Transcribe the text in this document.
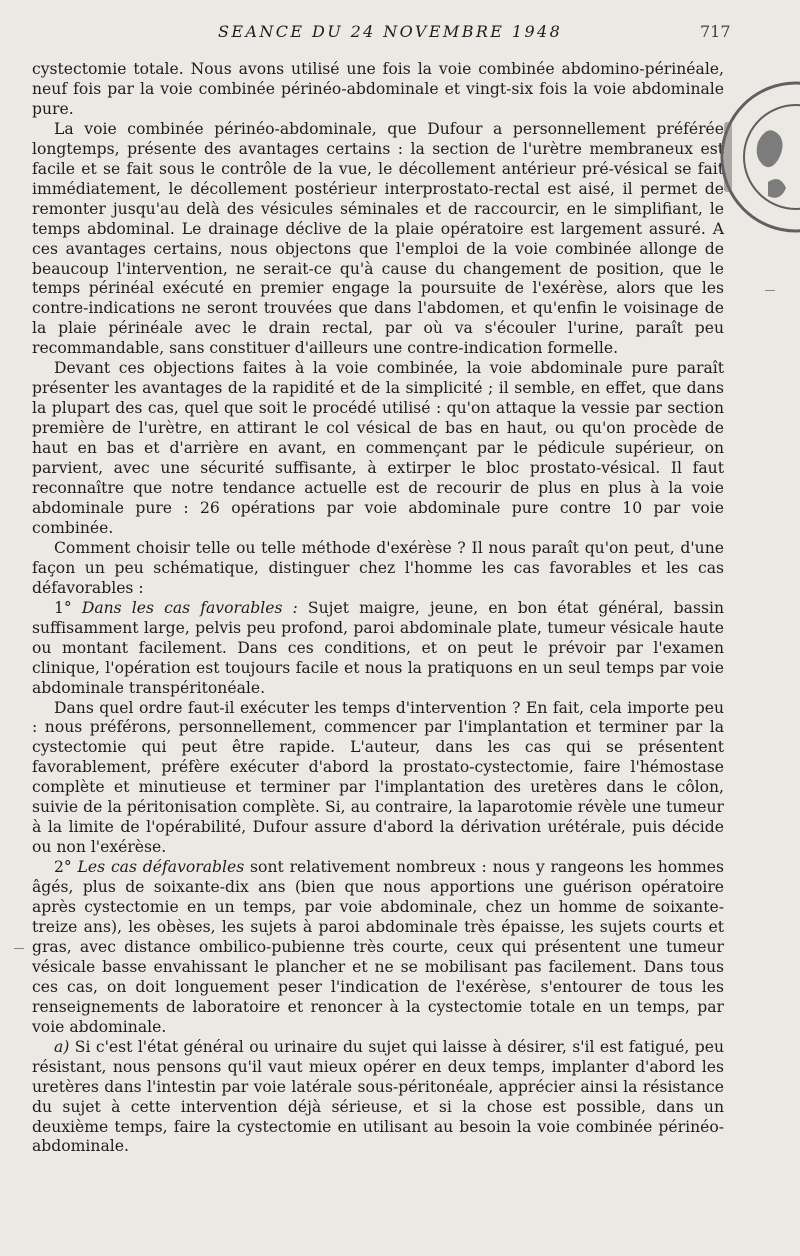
SEANCE DU 24 NOVEMBRE 1948	717

cystectomie totale. Nous avons utilisé une fois la voie combinée abdomino-périnéale, neuf fois par la voie combinée périnéo-abdominale et vingt-six fois la voie abdominale pure.

La voie combinée périnéo-abdominale, que Dufour a personnellement préférée longtemps, présente des avantages certains : la section de l'urètre membraneux est facile et se fait sous le contrôle de la vue, le décollement antérieur pré-vésical se fait immédiatement, le décollement postérieur interprostato-rectal est aisé, il permet de remonter jusqu'au delà des vésicules séminales et de raccourcir, en le simplifiant, le temps abdominal. Le drainage déclive de la plaie opératoire est largement assuré. A ces avantages certains, nous objectons que l'emploi de la voie combinée allonge de beaucoup l'intervention, ne serait-ce qu'à cause du changement de position, que le temps périnéal exécuté en premier engage la poursuite de l'exérèse, alors que les contre-indications ne seront trouvées que dans l'abdomen, et qu'enfin le voisinage de la plaie périnéale avec le drain rectal, par où va s'écouler l'urine, paraît peu recommandable, sans constituer d'ailleurs une contre-indication formelle.

Devant ces objections faites à la voie combinée, la voie abdominale pure paraît présenter les avantages de la rapidité et de la simplicité ; il semble, en effet, que dans la plupart des cas, quel que soit le procédé utilisé : qu'on attaque la vessie par section première de l'urètre, en attirant le col vésical de bas en haut, ou qu'on procède de haut en bas et d'arrière en avant, en commençant par le pédicule supérieur, on parvient, avec une sécurité suffisante, à extirper le bloc prostato-vésical. Il faut reconnaître que notre tendance actuelle est de recourir de plus en plus à la voie abdominale pure : 26 opérations par voie abdominale pure contre 10 par voie combinée.

Comment choisir telle ou telle méthode d'exérèse ? Il nous paraît qu'on peut, d'une façon un peu schématique, distinguer chez l'homme les cas favorables et les cas défavorables :

1° Dans les cas favorables : Sujet maigre, jeune, en bon état général, bassin suffisamment large, pelvis peu profond, paroi abdominale plate, tumeur vésicale haute ou montant facilement. Dans ces conditions, et on peut le prévoir par l'examen clinique, l'opération est toujours facile et nous la pratiquons en un seul temps par voie abdominale transpéritonéale.

Dans quel ordre faut-il exécuter les temps d'intervention ? En fait, cela importe peu : nous préférons, personnellement, commencer par l'implantation et terminer par la cystectomie qui peut être rapide. L'auteur, dans les cas qui se présentent favorablement, préfère exécuter d'abord la prostato-cystectomie, faire l'hémostase complète et minutieuse et terminer par l'implantation des uretères dans le côlon, suivie de la péritonisation complète. Si, au contraire, la laparotomie révèle une tumeur à la limite de l'opérabilité, Dufour assure d'abord la dérivation urétérale, puis décide ou non l'exérèse.

2° Les cas défavorables sont relativement nombreux : nous y rangeons les hommes âgés, plus de soixante-dix ans (bien que nous apportions une guérison opératoire après cystectomie en un temps, par voie abdominale, chez un homme de soixante-treize ans), les obèses, les sujets à paroi abdominale très épaisse, les sujets courts et gras, avec distance ombilico-pubienne très courte, ceux qui présentent une tumeur vésicale basse envahissant le plancher et ne se mobilisant pas facilement. Dans tous ces cas, on doit longuement peser l'indication de l'exérèse, s'entourer de tous les renseignements de laboratoire et renoncer à la cystectomie totale en un temps, par voie abdominale.

a) Si c'est l'état général ou urinaire du sujet qui laisse à désirer, s'il est fatigué, peu résistant, nous pensons qu'il vaut mieux opérer en deux temps, implanter d'abord les uretères dans l'intestin par voie latérale sous-péritonéale, apprécier ainsi la résistance du sujet à cette intervention déjà sérieuse, et si la chose est possible, dans un deuxième temps, faire la cystectomie en utilisant au besoin la voie combinée périnéo-abdominale.
